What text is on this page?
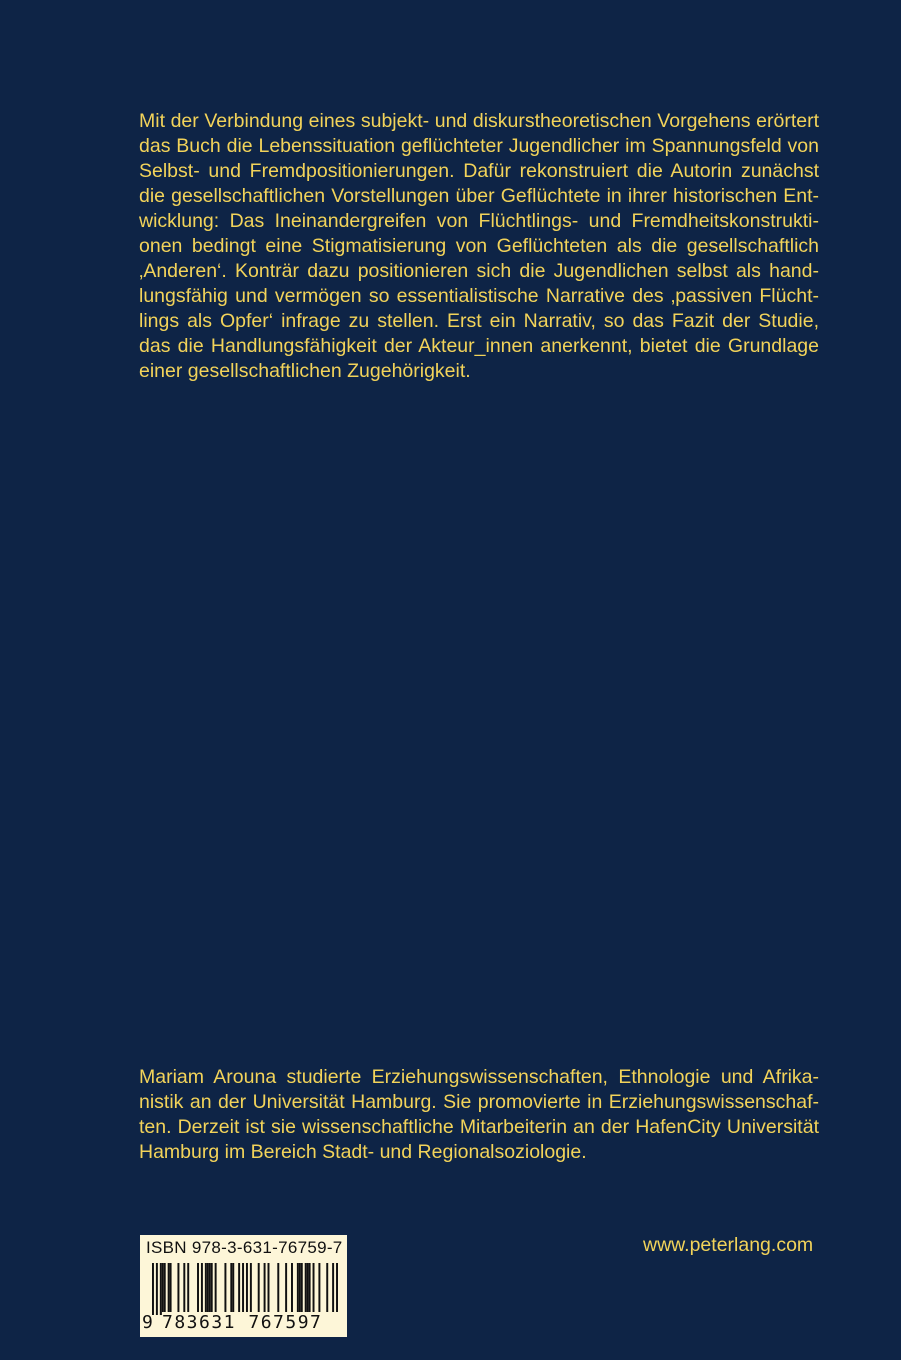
Mit der Verbindung eines subjekt- und diskurstheoretischen Vorgehens erörtert
das Buch die Lebenssituation geflüchteter Jugendlicher im Spannungsfeld von
Selbst- und Fremdpositionierungen. Dafür rekonstruiert die Autorin zunächst
die gesellschaftlichen Vorstellungen über Geflüchtete in ihrer historischen Ent-
wicklung: Das Ineinandergreifen von Flüchtlings- und Fremdheitskonstrukti-
onen bedingt eine Stigmatisierung von Geflüchteten als die gesellschaftlich
‚Anderen‘. Konträr dazu positionieren sich die Jugendlichen selbst als hand-
lungsfähig und vermögen so essentialistische Narrative des ‚passiven Flücht-
lings als Opfer‘ infrage zu stellen. Erst ein Narrativ, so das Fazit der Studie,
das die Handlungsfähigkeit der Akteur_innen anerkennt, bietet die Grundlage
einer gesellschaftlichen Zugehörigkeit.
Mariam Arouna studierte Erziehungswissenschaften, Ethnologie und Afrika-
nistik an der Universität Hamburg. Sie promovierte in Erziehungswissenschaf-
ten. Derzeit ist sie wissenschaftliche Mitarbeiterin an der HafenCity Universität
Hamburg im Bereich Stadt- und Regionalsoziologie.
ISBN 978-3-631-76759-7
9 783631 767597
www.peterlang.com
